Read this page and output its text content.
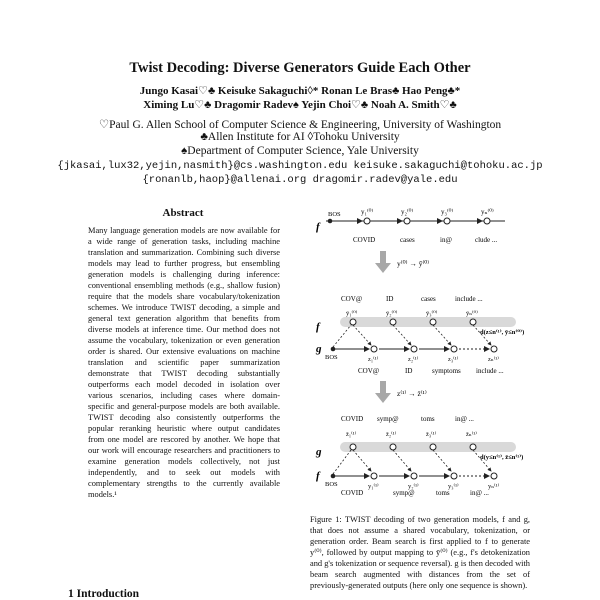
Twist Decoding: Diverse Generators Guide Each Other
Jungo Kasai♡♣ Keisuke Sakaguchi◊* Ronan Le Bras♣ Hao Peng♣*
Ximing Lu♡♣ Dragomir Radev♠ Yejin Choi♡♣ Noah A. Smith♡♣
♡Paul G. Allen School of Computer Science & Engineering, University of Washington
♣Allen Institute for AI ◊Tohoku University
♠Department of Computer Science, Yale University
{jkasai,lux32,yejin,nasmith}@cs.washington.edu keisuke.sakaguchi@tohoku.ac.jp
{ronanlb,haop}@allenai.org dragomir.radev@yale.edu
Abstract

Many language generation models are now available for a wide range of generation tasks, including machine translation and summarization. Combining such diverse models may lead to further progress, but ensembling generation models is challenging during inference: conventional ensembling methods (e.g., shallow fusion) require that the models share vocabulary/tokenization schemes. We introduce TWIST decoding, a simple and general text generation algorithm that benefits from diverse models at inference time. Our method does not assume the vocabulary, tokenization or even generation order is shared. Our extensive evaluations on machine translation and scientific paper summarization demonstrate that TWIST decoding substantially outperforms each model decoded in isolation over various scenarios, including cases where domain-specific and general-purpose models are both available. TWIST decoding also consistently outperforms the popular reranking heuristic where output candidates from one model are rescored by another. We hope that our work will encourage researchers and practitioners to examine generation models collectively, not just independently, and to seek out models with complementary strengths to the currently available models.¹

f
BOS	y₁⁽⁰⁾	y₂⁽⁰⁾	y₃⁽⁰⁾	yₙ⁽⁰⁾
COVID	cases	in@	clude ...
y⁽⁰⁾ → ȳ⁽⁰⁾
COV@	ID	cases	include ...
f
ȳ₁⁽⁰⁾	ȳ₂⁽⁰⁾	ȳ₃⁽⁰⁾	ȳₙ⁽⁰⁾
d(z≤n⁽¹⁾, ȳ≤n⁽⁰⁾)
g
BOS	z₁⁽¹⁾	z₂⁽¹⁾	z₃⁽¹⁾	zₙ⁽¹⁾
COV@	ID	symptoms include ...
z⁽¹⁾ → z̄⁽¹⁾
COVID symp@	toms	in@ ...
g
z̄₁⁽¹⁾	z̄₂⁽¹⁾	z̄₃⁽¹⁾	z̄ₙ⁽¹⁾
d(y≤n⁽¹⁾, z̄≤n⁽¹⁾)
f
BOS	y₁⁽¹⁾	y₂⁽¹⁾	y₃⁽¹⁾	yₙ⁽¹⁾
COVID	symp@	toms	in@ ...

Figure 1: TWIST decoding of two generation models, f and g, that does not assume a shared vocabulary, tokenization, or generation order. Beam search is first applied to f to generate y⁽⁰⁾, followed by output mapping to ȳ⁽⁰⁾ (e.g., f's detokenization and g's tokenization or sequence reversal). g is then decoded with beam search augmented with distances from the set of previously-generated outputs (here only one sequence is shown).

1 Introduction
